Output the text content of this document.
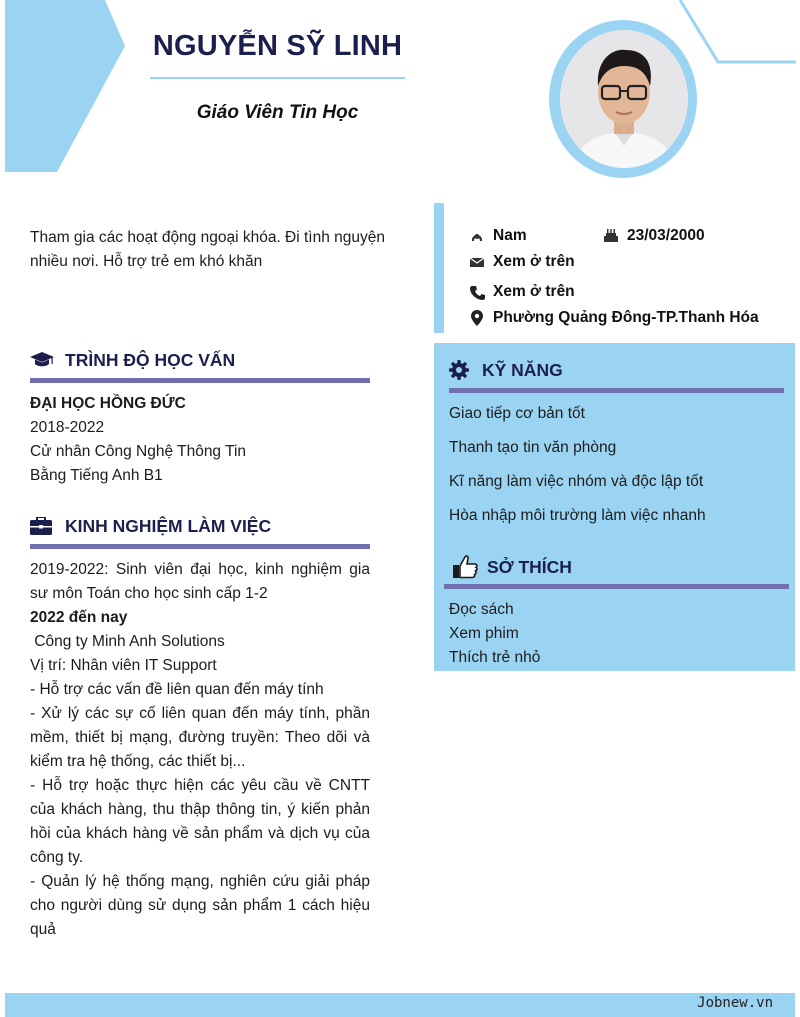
NGUYỄN SỸ LINH
Giáo Viên Tin Học
Tham gia các hoạt động ngoại khóa. Đi tình nguyện nhiều nơi. Hỗ trợ trẻ em khó khăn
Nam	23/03/2000
Xem ở trên
Xem ở trên
Phường Quảng Đông-TP.Thanh Hóa
TRÌNH ĐỘ HỌC VẤN
ĐẠI HỌC HỒNG ĐỨC
2018-2022
Cử nhân Công Nghệ Thông Tin
Bằng Tiếng Anh B1
KINH NGHIỆM LÀM VIỆC
2019-2022: Sinh viên đại học, kinh nghiệm gia sư môn Toán cho học sinh cấp 1-2
2022 đến nay
Công ty Minh Anh Solutions
Vị trí: Nhân viên IT Support
- Hỗ trợ các vấn đề liên quan đến máy tính
- Xử lý các sự cố liên quan đến máy tính, phần mềm, thiết bị mạng, đường truyền: Theo dõi và kiểm tra hệ thống, các thiết bị...
- Hỗ trợ hoặc thực hiện các yêu cầu về CNTT của khách hàng, thu thập thông tin, ý kiến phản hồi của khách hàng về sản phẩm và dịch vụ của công ty.
- Quản lý hệ thống mạng, nghiên cứu giải pháp cho người dùng sử dụng sản phẩm 1 cách hiệu quả
KỸ NĂNG
Giao tiếp cơ bản tốt
Thanh tạo tin văn phòng
Kĩ năng làm việc nhóm và độc lập tốt
Hòa nhập môi trường làm việc nhanh
SỞ THÍCH
Đọc sách
Xem phim
Thích trẻ nhỏ
Jobnew.vn
